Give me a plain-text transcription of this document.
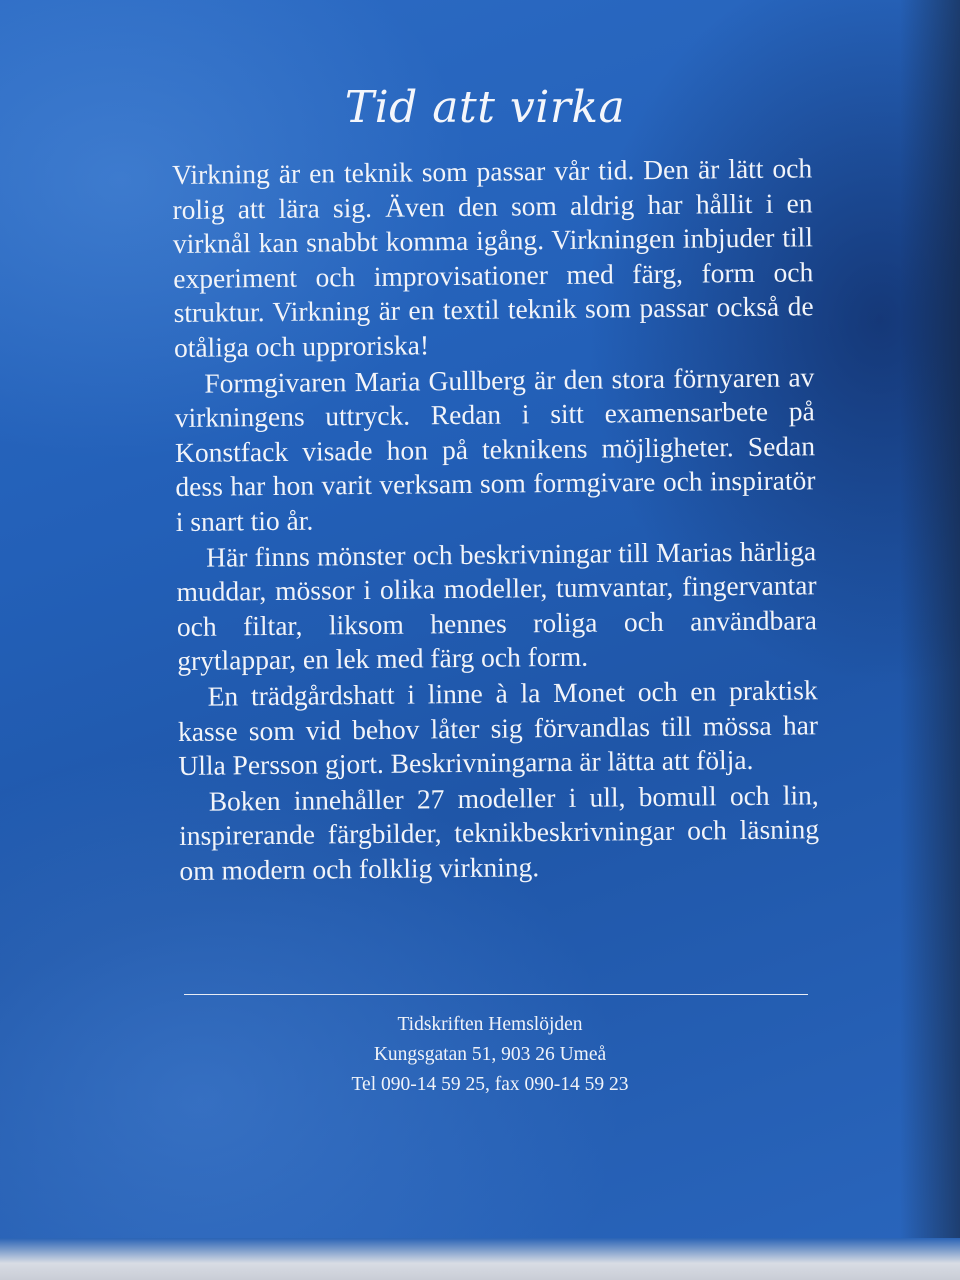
Tid att virka

Virkning är en teknik som passar vår tid. Den är lätt och rolig att lära sig. Även den som aldrig har hållit i en virknål kan snabbt komma igång. Virkningen inbjuder till experiment och improvisationer med färg, form och struktur. Virkning är en textil teknik som passar också de otåliga och upproriska!

Formgivaren Maria Gullberg är den stora förnyaren av virkningens uttryck. Redan i sitt examensarbete på Konstfack visade hon på teknikens möjligheter. Sedan dess har hon varit verksam som formgivare och inspiratör i snart tio år.

Här finns mönster och beskrivningar till Marias härliga muddar, mössor i olika modeller, tumvantar, fingervantar och filtar, liksom hennes roliga och användbara grytlappar, en lek med färg och form.

En trädgårdshatt i linne à la Monet och en praktisk kasse som vid behov låter sig förvandlas till mössa har Ulla Persson gjort. Beskrivningarna är lätta att följa.

Boken innehåller 27 modeller i ull, bomull och lin, inspirerande färgbilder, teknikbeskrivningar och läsning om modern och folklig virkning.

Tidskriften Hemslöjden
Kungsgatan 51, 903 26 Umeå
Tel 090-14 59 25, fax 090-14 59 23
